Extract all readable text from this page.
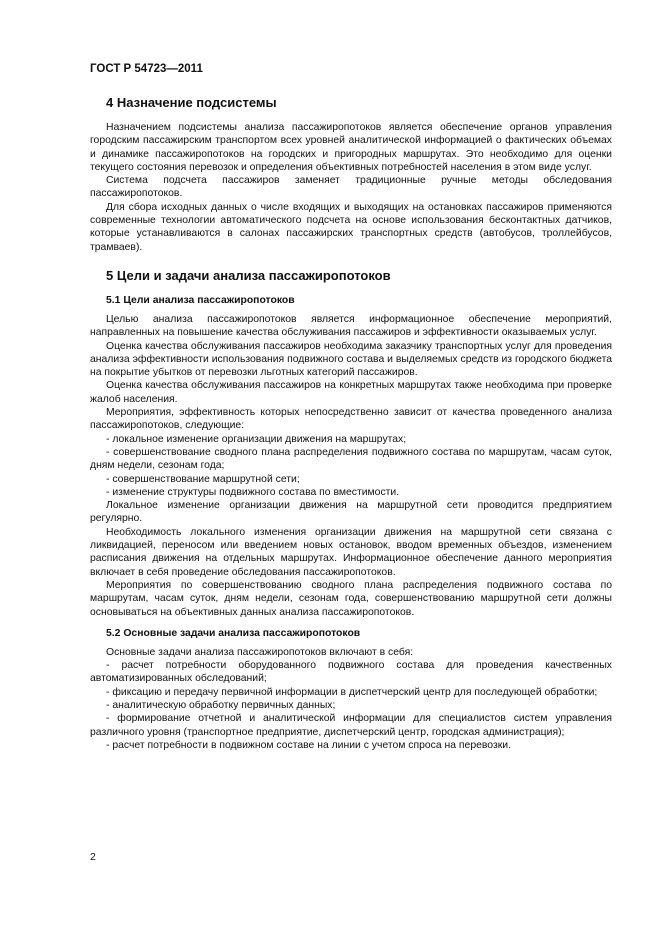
ГОСТ Р 54723—2011
4 Назначение подсистемы

Назначением подсистемы анализа пассажиропотоков является обеспечение органов управления городским пассажирским транспортом всех уровней аналитической информацией о фактических объемах и динамике пассажиропотоков на городских и пригородных маршрутах. Это необходимо для оценки текущего состояния перевозок и определения объективных потребностей населения в этом виде услуг.

Система подсчета пассажиров заменяет традиционные ручные методы обследования пассажиропотоков.

Для сбора исходных данных о числе входящих и выходящих на остановках пассажиров применяются современные технологии автоматического подсчета на основе использования бесконтактных датчиков, которые устанавливаются в салонах пассажирских транспортных средств (автобусов, троллейбусов, трамваев).

5 Цели и задачи анализа пассажиропотоков
5.1 Цели анализа пассажиропотоков

Целью анализа пассажиропотоков является информационное обеспечение мероприятий, направленных на повышение качества обслуживания пассажиров и эффективности оказываемых услуг.

Оценка качества обслуживания пассажиров необходима заказчику транспортных услуг для проведения анализа эффективности использования подвижного состава и выделяемых средств из городского бюджета на покрытие убытков от перевозки льготных категорий пассажиров.

Оценка качества обслуживания пассажиров на конкретных маршрутах также необходима при проверке жалоб населения.

Мероприятия, эффективность которых непосредственно зависит от качества проведенного анализа пассажиропотоков, следующие:

- локальное изменение организации движения на маршрутах;

- совершенствование сводного плана распределения подвижного состава по маршрутам, часам суток, дням недели, сезонам года;

- совершенствование маршрутной сети;

- изменение структуры подвижного состава по вместимости.

Локальное изменение организации движения на маршрутной сети проводится предприятием регулярно.

Необходимость локального изменения организации движения на маршрутной сети связана с ликвидацией, переносом или введением новых остановок, вводом временных объездов, изменением расписания движения на отдельных маршрутах. Информационное обеспечение данного мероприятия включает в себя проведение обследования пассажиропотоков.

Мероприятия по совершенствованию сводного плана распределения подвижного состава по маршрутам, часам суток, дням недели, сезонам года, совершенствованию маршрутной сети должны основываться на объективных данных анализа пассажиропотоков.

5.2 Основные задачи анализа пассажиропотоков

Основные задачи анализа пассажиропотоков включают в себя:

- расчет потребности оборудованного подвижного состава для проведения качественных автоматизированных обследований;

- фиксацию и передачу первичной информации в диспетчерский центр для последующей обработки;

- аналитическую обработку первичных данных;

- формирование отчетной и аналитической информации для специалистов систем управления различного уровня (транспортное предприятие, диспетчерский центр, городская администрация);

- расчет потребности в подвижном составе на линии с учетом спроса на перевозки.

2
